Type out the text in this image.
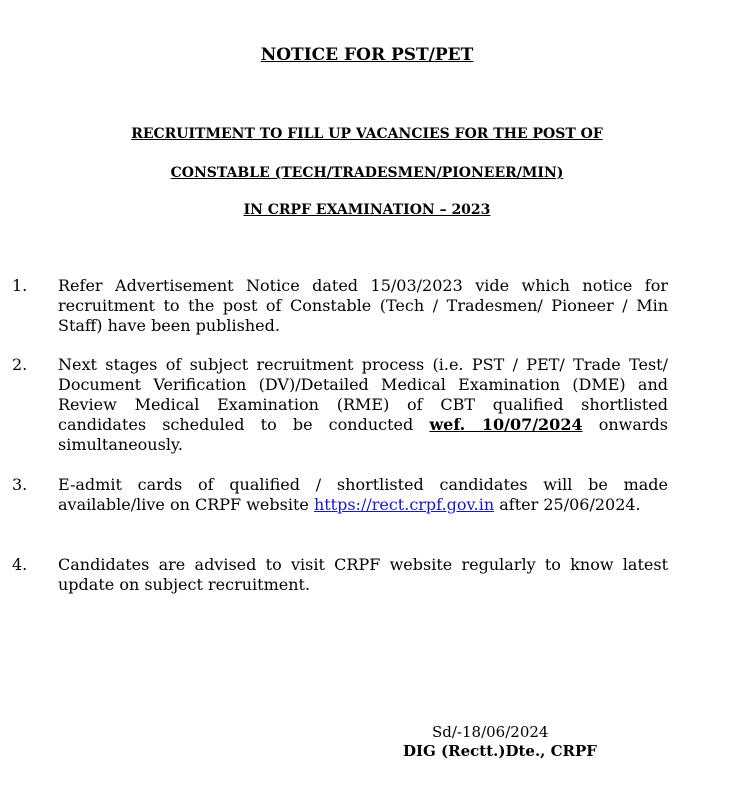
NOTICE FOR PST/PET
RECRUITMENT TO FILL UP VACANCIES FOR THE POST OF
CONSTABLE (TECH/TRADESMEN/PIONEER/MIN)
IN CRPF EXAMINATION – 2023
1. Refer Advertisement Notice dated 15/03/2023 vide which notice for recruitment to the post of Constable (Tech / Tradesmen/ Pioneer / Min Staff) have been published.
2. Next stages of subject recruitment process (i.e. PST / PET/ Trade Test/ Document Verification (DV)/Detailed Medical Examination (DME) and Review Medical Examination (RME) of CBT qualified shortlisted candidates scheduled to be conducted wef. 10/07/2024 onwards simultaneously.
3. E-admit cards of qualified / shortlisted candidates will be made available/live on CRPF website https://rect.crpf.gov.in after 25/06/2024.
4. Candidates are advised to visit CRPF website regularly to know latest update on subject recruitment.
Sd/-18/06/2024
DIG (Rectt.)Dte., CRPF
